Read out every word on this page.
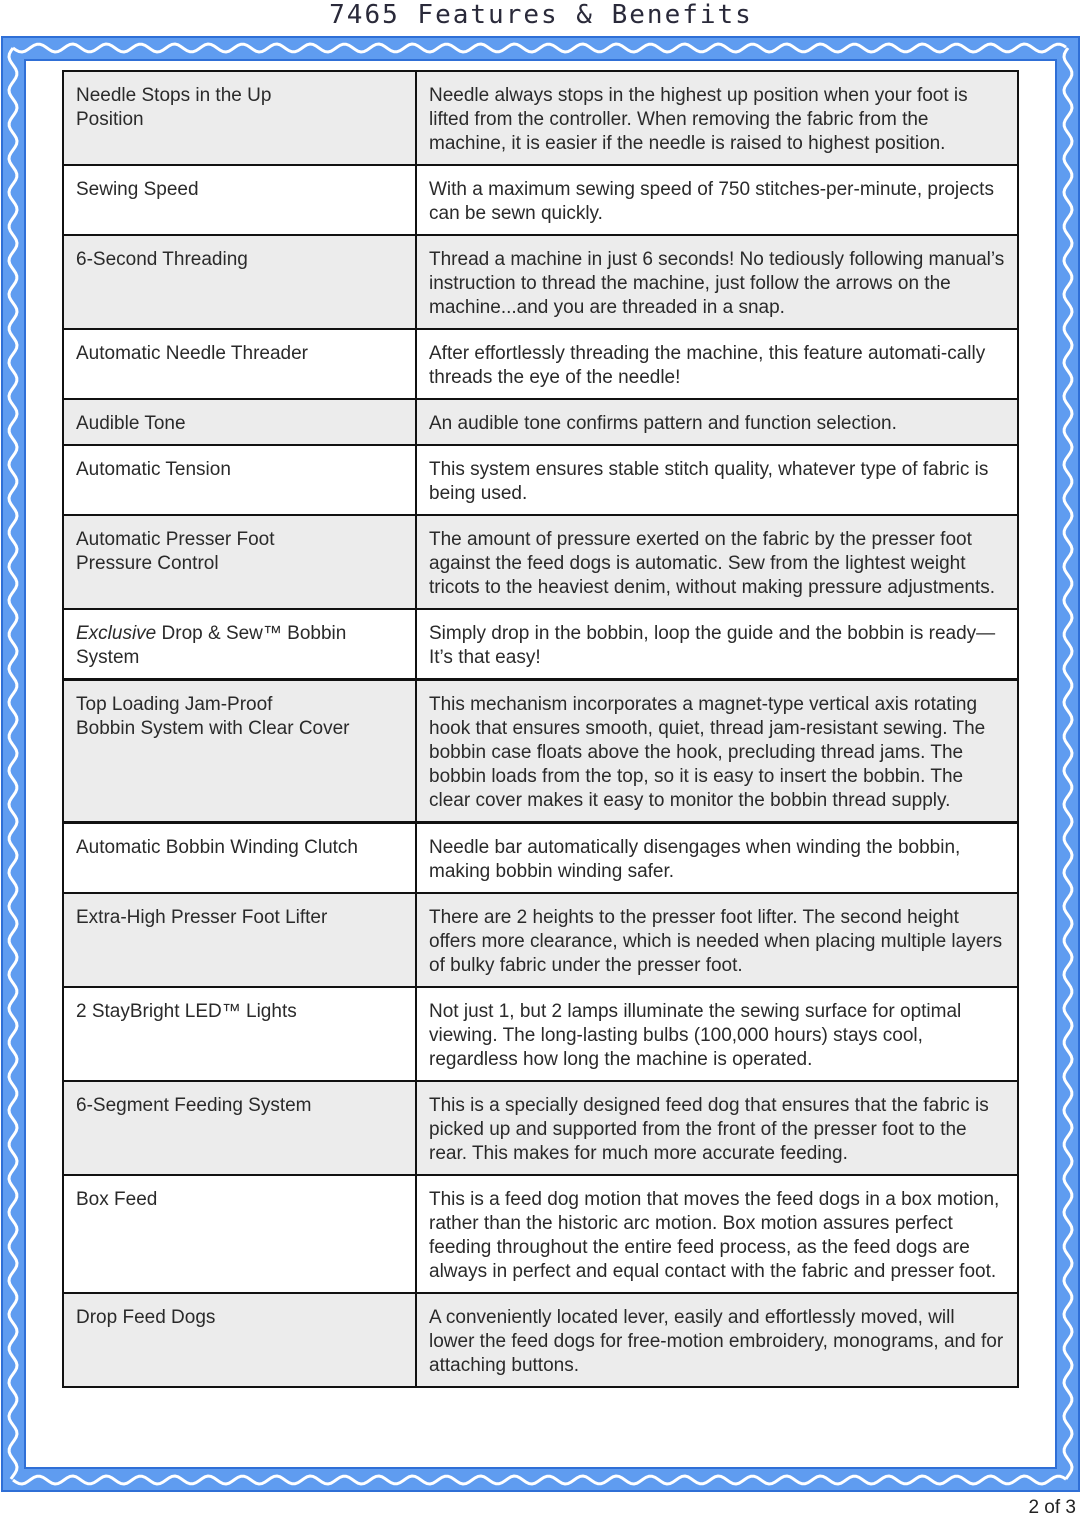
7465 Features & Benefits
Needle Stops in the Up
Position	Needle always stops in the highest up position when your foot is lifted from the controller. When removing the fabric from the machine, it is easier if the needle is raised to highest position.
Sewing Speed	With a maximum sewing speed of 750 stitches-per-minute, projects can be sewn quickly.
6-Second Threading	Thread a machine in just 6 seconds! No tediously following manual’s instruction to thread the machine, just follow the arrows on the machine...and you are threaded in a snap.
Automatic Needle Threader	After effortlessly threading the machine, this feature automati-cally threads the eye of the needle!
Audible Tone	An audible tone confirms pattern and function selection.
Automatic Tension	This system ensures stable stitch quality, whatever type of fabric is being used.
Automatic Presser Foot
Pressure Control	The amount of pressure exerted on the fabric by the presser foot against the feed dogs is automatic. Sew from the lightest weight tricots to the heaviest denim, without making pressure adjustments.
Exclusive Drop & Sew™ Bobbin System	Simply drop in the bobbin, loop the guide and the bobbin is ready—It’s that easy!
Top Loading Jam-Proof
Bobbin System with Clear Cover	This mechanism incorporates a magnet-type vertical axis rotating hook that ensures smooth, quiet, thread jam-resistant sewing. The bobbin case floats above the hook, precluding thread jams. The bobbin loads from the top, so it is easy to insert the bobbin. The clear cover makes it easy to monitor the bobbin thread supply.
Automatic Bobbin Winding Clutch	Needle bar automatically disengages when winding the bobbin, making bobbin winding safer.
Extra-High Presser Foot Lifter	There are 2 heights to the presser foot lifter. The second height offers more clearance, which is needed when placing multiple layers of bulky fabric under the presser foot.
2 StayBright LED™ Lights	Not just 1, but 2 lamps illuminate the sewing surface for optimal viewing. The long-lasting bulbs (100,000 hours) stays cool, regardless how long the machine is operated.
6-Segment Feeding System	This is a specially designed feed dog that ensures that the fabric is picked up and supported from the front of the presser foot to the rear. This makes for much more accurate feeding.
Box Feed	This is a feed dog motion that moves the feed dogs in a box motion, rather than the historic arc motion. Box motion assures perfect feeding throughout the entire feed process, as the feed dogs are always in perfect and equal contact with the fabric and presser foot.
Drop Feed Dogs	A conveniently located lever, easily and effortlessly moved, will lower the feed dogs for free-motion embroidery, monograms, and for attaching buttons.
2 of 3
